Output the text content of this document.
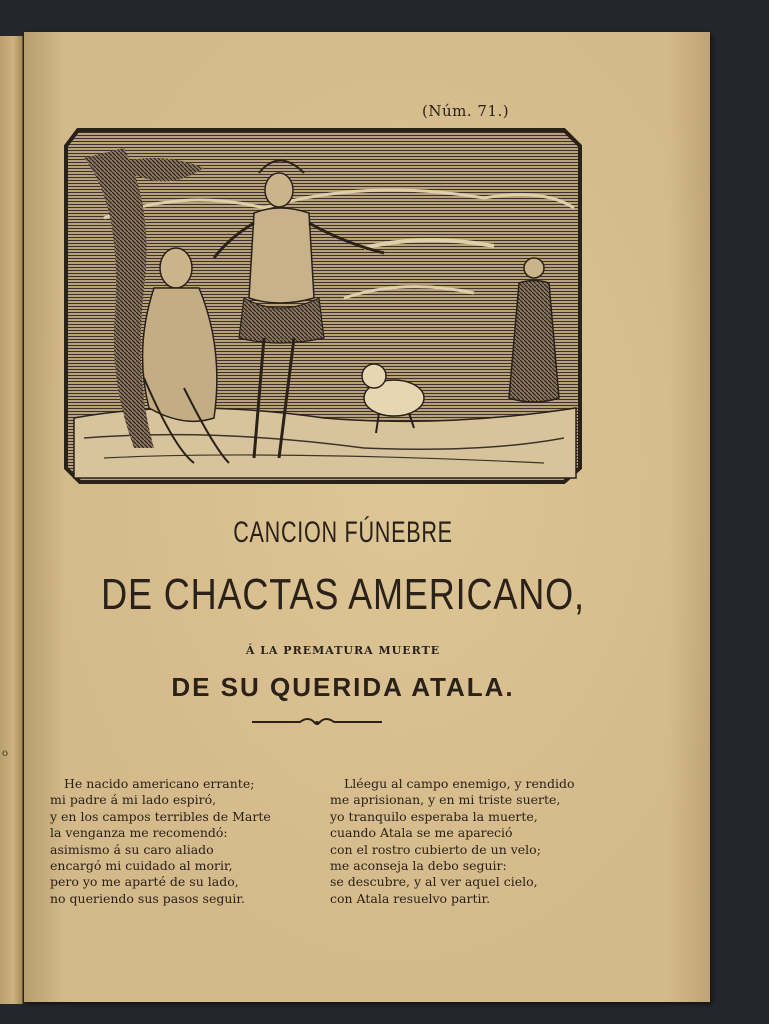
o
(Núm. 71.)
CANCION FÚNEBRE
DE CHACTAS AMERICANO,
Á LA PREMATURA MUERTE
DE SU QUERIDA ATALA.
He nacido americano errante;
mi padre á mi lado espiró,
y en los campos terribles de Marte
la venganza me recomendó:
asimismo á su caro aliado
encargó mi cuidado al morir,
pero yo me aparté de su lado,
no queriendo sus pasos seguir.
Lléegu al campo enemigo, y rendido
me aprisionan, y en mi triste suerte,
yo tranquilo esperaba la muerte,
cuando Atala se me apareció
con el rostro cubierto de un velo;
me aconseja la debo seguir:
se descubre, y al ver aquel cielo,
con Atala resuelvo partir.
